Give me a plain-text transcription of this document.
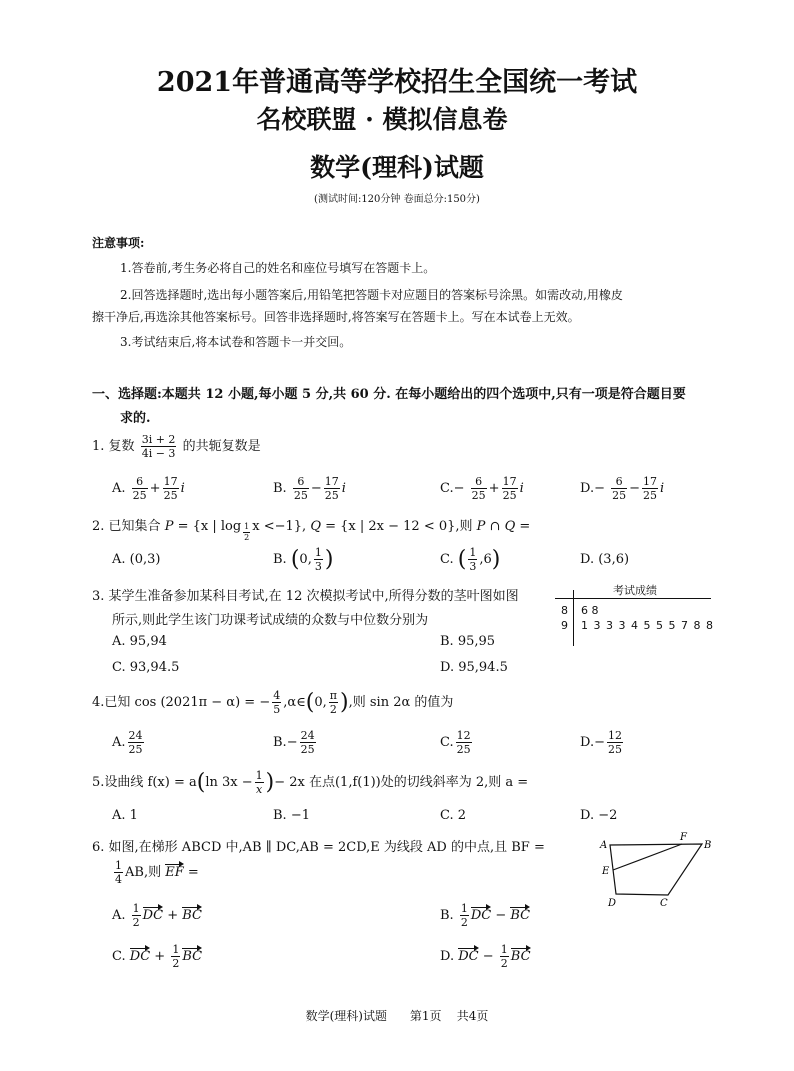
2021年普通高等学校招生全国统一考试
名校联盟 · 模拟信息卷
数学(理科)试题
(测试时间:120分钟 卷面总分:150分)
注意事项:
1.答卷前,考生务必将自己的姓名和座位号填写在答题卡上。
2.回答选择题时,选出每小题答案后,用铅笔把答题卡对应题目的答案标号涂黑。如需改动,用橡皮
擦干净后,再选涂其他答案标号。回答非选择题时,将答案写在答题卡上。写在本试卷上无效。
3.考试结束后,将本试卷和答题卡一并交回。
一、选择题:本题共 12 小题,每小题 5 分,共 60 分. 在每小题给出的四个选项中,只有一项是符合题目要
求的.
1. 复数 $\frac{3i + 2}{4i - 3}$ 的共轭复数是
A. $\frac{6}{25} + \frac{17}{25}$ i	B. $\frac{6}{25} - \frac{17}{25}$ i	$C.- \frac{6}{25} + \frac{17}{25}$ i	$D.- \frac{6}{25} - \frac{17}{25}$ i
2. 已知集合 P = {x | $\log \frac{1}{2}$ x <−1}, Q = {x | 2x − 12 < 0},则 P ∩ Q =
A. (0,3)	B. (0, $\frac{1}{3}$ )	C. ( $\frac{1}{3} ,6$)	D. (3,6)
3. 某学生准备参加某科目考试,在 12 次模拟考试中,所得分数的茎叶图如图
所示,则此学生该门功课考试成绩的众数与中位数分别为
A. 95,94	B. 95,95
C. 93,94.5	D. 95,94.5
考试成绩
8 6 8
9 1 3 3 3 4 5 5 5 7 8 8
4.已知 cos (2021π − α) = − $\frac{4}{5}$ ,α∈(0, $\frac{\pi}{2}$ ),则 sin 2α 的值为
A. $\frac{24}{25}$	$B.- \frac{24}{25}$	C. $\frac{12}{25}$	$D.- \frac{12}{25}$
5.设曲线 f(x) = a(ln $3x - \frac{1}{x}$ )− 2x 在点(1,f(1))处的切线斜率为 2,则 a =
A. 1	B. −1	C. 2	D. −2
6. 如图,在梯形 ABCD 中,AB ∥ DC,AB = 2CD,E 为线段 AD 的中点,且 BF =
$\frac{1}{4}$ AB,则 EF =
A. $\frac{1}{2}$ DC + BC	B. $\frac{1}{2}$ DC − BC
C. DC + $\frac{1}{2}$ BC	D. DC − $\frac{1}{2}$ BC
A	B
C
D
E
F
数学(理科)试题 第1页 共4页
